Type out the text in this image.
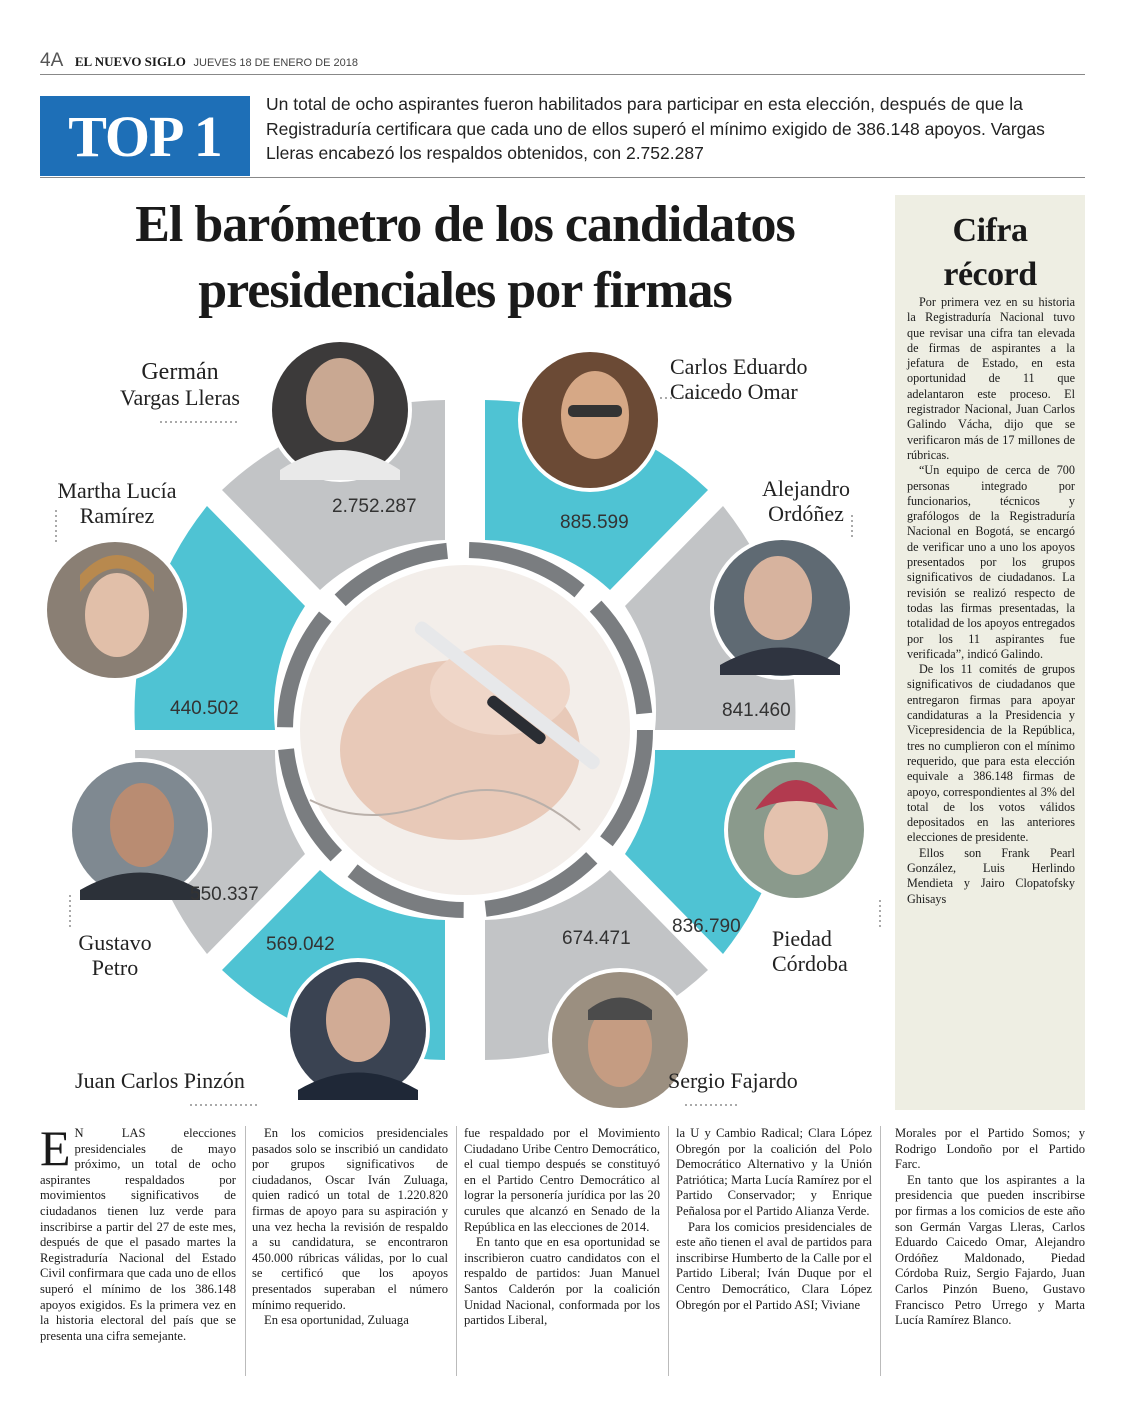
4A EL NUEVO SIGLO JUEVES 18 DE ENERO DE 2018
TOP 1	Un total de ocho aspirantes fueron habilitados para participar en esta elección, después de que la Registraduría certificara que cada uno de ellos superó el mínimo exigido de 386.148 apoyos. Vargas Lleras encabezó los respaldos obtenidos, con 2.752.287
El barómetro de los candidatos
presidenciales por firmas
Germán
Vargas Lleras
2.752.287
Carlos Eduardo
Caicedo Omar
885.599
Alejandro
Ordóñez
841.460
836.790 Piedad
Córdoba
674.471
Sergio Fajardo
569.042
Juan Carlos Pinzón
550.337
Gustavo
Petro
Martha Lucía
Ramírez
440.502
Cifra
récord

Por primera vez en su historia la Registraduría Nacional tuvo que revisar una cifra tan elevada de firmas de aspirantes a la jefatura de Estado, en esta oportunidad de 11 que adelantaron este proceso. El registrador Nacional, Juan Carlos Galindo Vácha, dijo que se verificaron más de 17 millones de rúbricas.

“Un equipo de cerca de 700 personas integrado por funcionarios, técnicos y grafólogos de la Registraduría Nacional en Bogotá, se encargó de verificar uno a uno los apoyos presentados por los grupos significativos de ciudadanos. La revisión se realizó respecto de todas las firmas presentadas, la totalidad de los apoyos entregados por los 11 aspirantes fue verificada”, indicó Galindo.

De los 11 comités de grupos significativos de ciudadanos que entregaron firmas para apoyar candidaturas a la Presidencia y Vicepresidencia de la República, tres no cumplieron con el mínimo requerido, que para esta elección equivale a 386.148 firmas de apoyo, correspondientes al 3% del total de los votos válidos depositados en las anteriores elecciones de presidente.

Ellos son Frank Pearl González, Luis Herlindo Mendieta y Jairo Clopatofsky Ghisays

E N LAS elecciones presidenciales de mayo próximo, un total de ocho aspirantes respaldados por movimientos significativos de ciudadanos tienen luz verde para inscribirse a partir del 27 de este mes, después de que el pasado martes la Registraduría Nacional del Estado Civil confirmara que cada uno de ellos superó el mínimo de los 386.148 apoyos exigidos. Es la primera vez en la historia electoral del país que se presenta una cifra semejante.

En los comicios presidenciales pasados solo se inscribió un candidato por grupos significativos de ciudadanos, Oscar Iván Zuluaga, quien radicó un total de 1.220.820 firmas de apoyo para su aspiración y una vez hecha la revisión de respaldo a su candidatura, se encontraron 450.000 rúbricas válidas, por lo cual se certificó que los apoyos presentados superaban el número mínimo requerido.

En esa oportunidad, Zuluaga

fue respaldado por el Movimiento Ciudadano Uribe Centro Democrático, el cual tiempo después se constituyó en el Partido Centro Democrático al lograr la personería jurídica por las 20 curules que alcanzó en Senado de la República en las elecciones de 2014.

En tanto que en esa oportunidad se inscribieron cuatro candidatos con el respaldo de partidos: Juan Manuel Santos Calderón por la coalición Unidad Nacional, conformada por los partidos Liberal,

la U y Cambio Radical; Clara López Obregón por la coalición del Polo Democrático Alternativo y la Unión Patriótica; Marta Lucía Ramírez por el Partido Conservador; y Enrique Peñalosa por el Partido Alianza Verde.

Para los comicios presidenciales de este año tienen el aval de partidos para inscribirse Humberto de la Calle por el Partido Liberal; Iván Duque por el Centro Democrático, Clara López Obregón por el Partido ASI; Viviane

Morales por el Partido Somos; y Rodrigo Londoño por el Partido Farc.

En tanto que los aspirantes a la presidencia que pueden inscribirse por firmas a los comicios de este año son Germán Vargas Lleras, Carlos Eduardo Caicedo Omar, Alejandro Ordóñez Maldonado, Piedad Córdoba Ruiz, Sergio Fajardo, Juan Carlos Pinzón Bueno, Gustavo Francisco Petro Urrego y Marta Lucía Ramírez Blanco.
